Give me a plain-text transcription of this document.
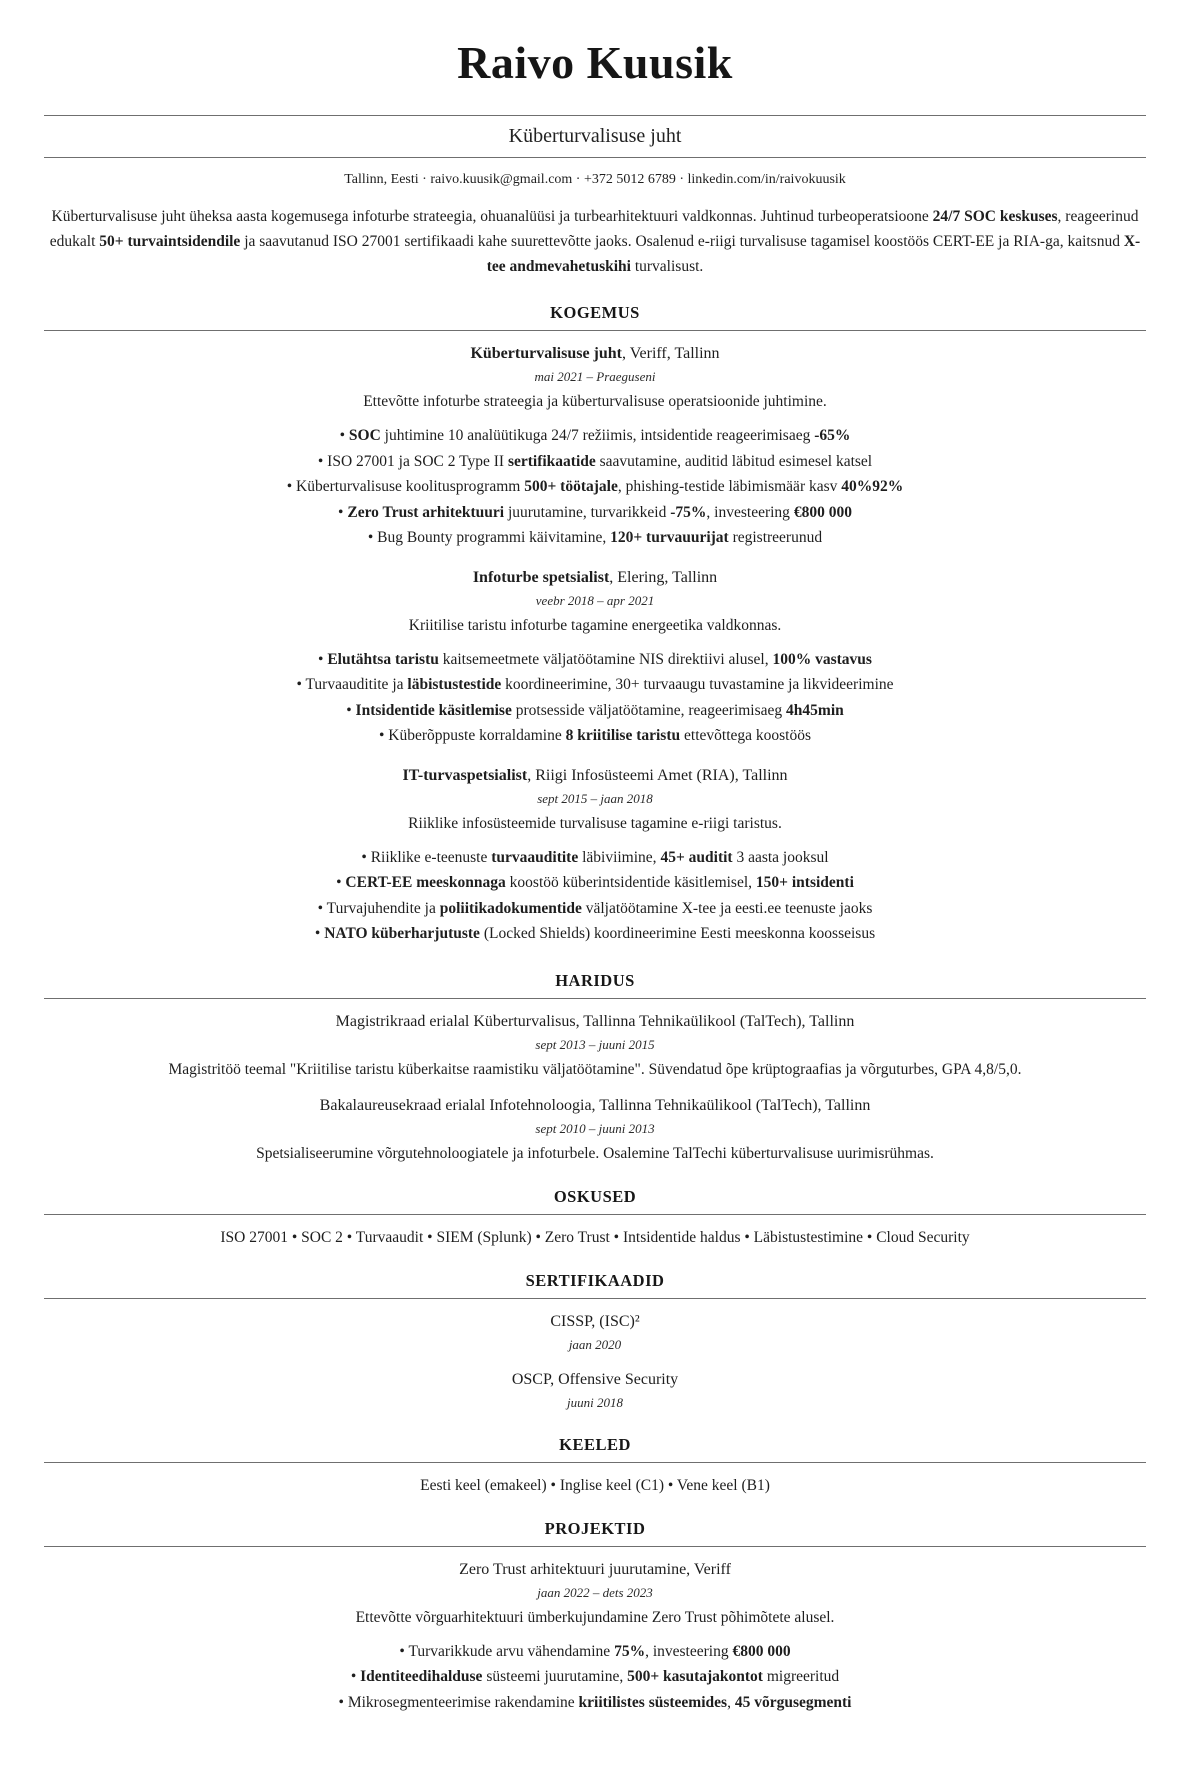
Raivo Kuusik
Küberturvalisuse juht
Tallinn, Eesti · raivo.kuusik@gmail.com · +372 5012 6789 · linkedin.com/in/raivokuusik
Küberturvalisuse juht üheksa aasta kogemusega infoturbe strateegia, ohuanalüüsi ja turbearhitektuuri valdkonnas. Juhtinud turbeoperatsioone 24/7 SOC keskuses, reageerinud edukalt 50+ turvaintsidendile ja saavutanud ISO 27001 sertifikaadi kahe suurettevõtte jaoks. Osalenud e-riigi turvalisuse tagamisel koostöös CERT-EE ja RIA-ga, kaitsnud X-tee andmevahetuskihi turvalisust.
KOGEMUS
Küberturvalisuse juht, Veriff, Tallinn
mai 2021 – Praeguseni
Ettevõtte infoturbe strateegia ja küberturvalisuse operatsioonide juhtimine.
• SOC juhtimine 10 analüütikuga 24/7 režiimis, intsidentide reageerimisaeg -65%
• ISO 27001 ja SOC 2 Type II sertifikaatide saavutamine, auditid läbitud esimesel katsel
• Küberturvalisuse koolitusprogramm 500+ töötajale, phishing-testide läbimismäär kasv 40%92%
• Zero Trust arhitektuuri juurutamine, turvarikkeid -75%, investeering €800 000
• Bug Bounty programmi käivitamine, 120+ turvauurijat registreerunud
Infoturbe spetsialist, Elering, Tallinn
veebr 2018 – apr 2021
Kriitilise taristu infoturbe tagamine energeetika valdkonnas.
• Elutähtsa taristu kaitsemeetmete väljatöötamine NIS direktiivi alusel, 100% vastavus
• Turvaauditite ja läbistustestide koordineerimine, 30+ turvaaugu tuvastamine ja likvideerimine
• Intsidentide käsitlemise protsesside väljatöötamine, reageerimisaeg 4h45min
• Küberõppuste korraldamine 8 kriitilise taristu ettevõttega koostöös
IT-turvaspetsialist, Riigi Infosüsteemi Amet (RIA), Tallinn
sept 2015 – jaan 2018
Riiklike infosüsteemide turvalisuse tagamine e-riigi taristus.
• Riiklike e-teenuste turvaauditite läbiviimine, 45+ auditit 3 aasta jooksul
• CERT-EE meeskonnaga koostöö küberintsidentide käsitlemisel, 150+ intsidenti
• Turvajuhendite ja poliitikadokumentide väljatöötamine X-tee ja eesti.ee teenuste jaoks
• NATO küberharjutuste (Locked Shields) koordineerimine Eesti meeskonna koosseisus
HARIDUS
Magistrikraad erialal Küberturvalisus, Tallinna Tehnikaülikool (TalTech), Tallinn
sept 2013 – juuni 2015
Magistritöö teemal "Kriitilise taristu küberkaitse raamistiku väljatöötamine". Süvendatud õpe krüptograafias ja võrguturbes, GPA 4,8/5,0.
Bakalaureusekraad erialal Infotehnoloogia, Tallinna Tehnikaülikool (TalTech), Tallinn
sept 2010 – juuni 2013
Spetsialiseerumine võrgutehnoloogiatele ja infoturbele. Osalemine TalTechi küberturvalisuse uurimisrühmas.
OSKUSED
ISO 27001 • SOC 2 • Turvaaudit • SIEM (Splunk) • Zero Trust • Intsidentide haldus • Läbistustestimine • Cloud Security
SERTIFIKAADID
CISSP, (ISC)²
jaan 2020
OSCP, Offensive Security
juuni 2018
KEELED
Eesti keel (emakeel) • Inglise keel (C1) • Vene keel (B1)
PROJEKTID
Zero Trust arhitektuuri juurutamine, Veriff
jaan 2022 – dets 2023
Ettevõtte võrguarhitektuuri ümberkujundamine Zero Trust põhimõtete alusel.
• Turvarikkude arvu vähendamine 75%, investeering €800 000
• Identiteedihalduse süsteemi juurutamine, 500+ kasutajakontot migreeritud
• Mikrosegmenteerimise rakendamine kriitilistes süsteemides, 45 võrgusegmenti
